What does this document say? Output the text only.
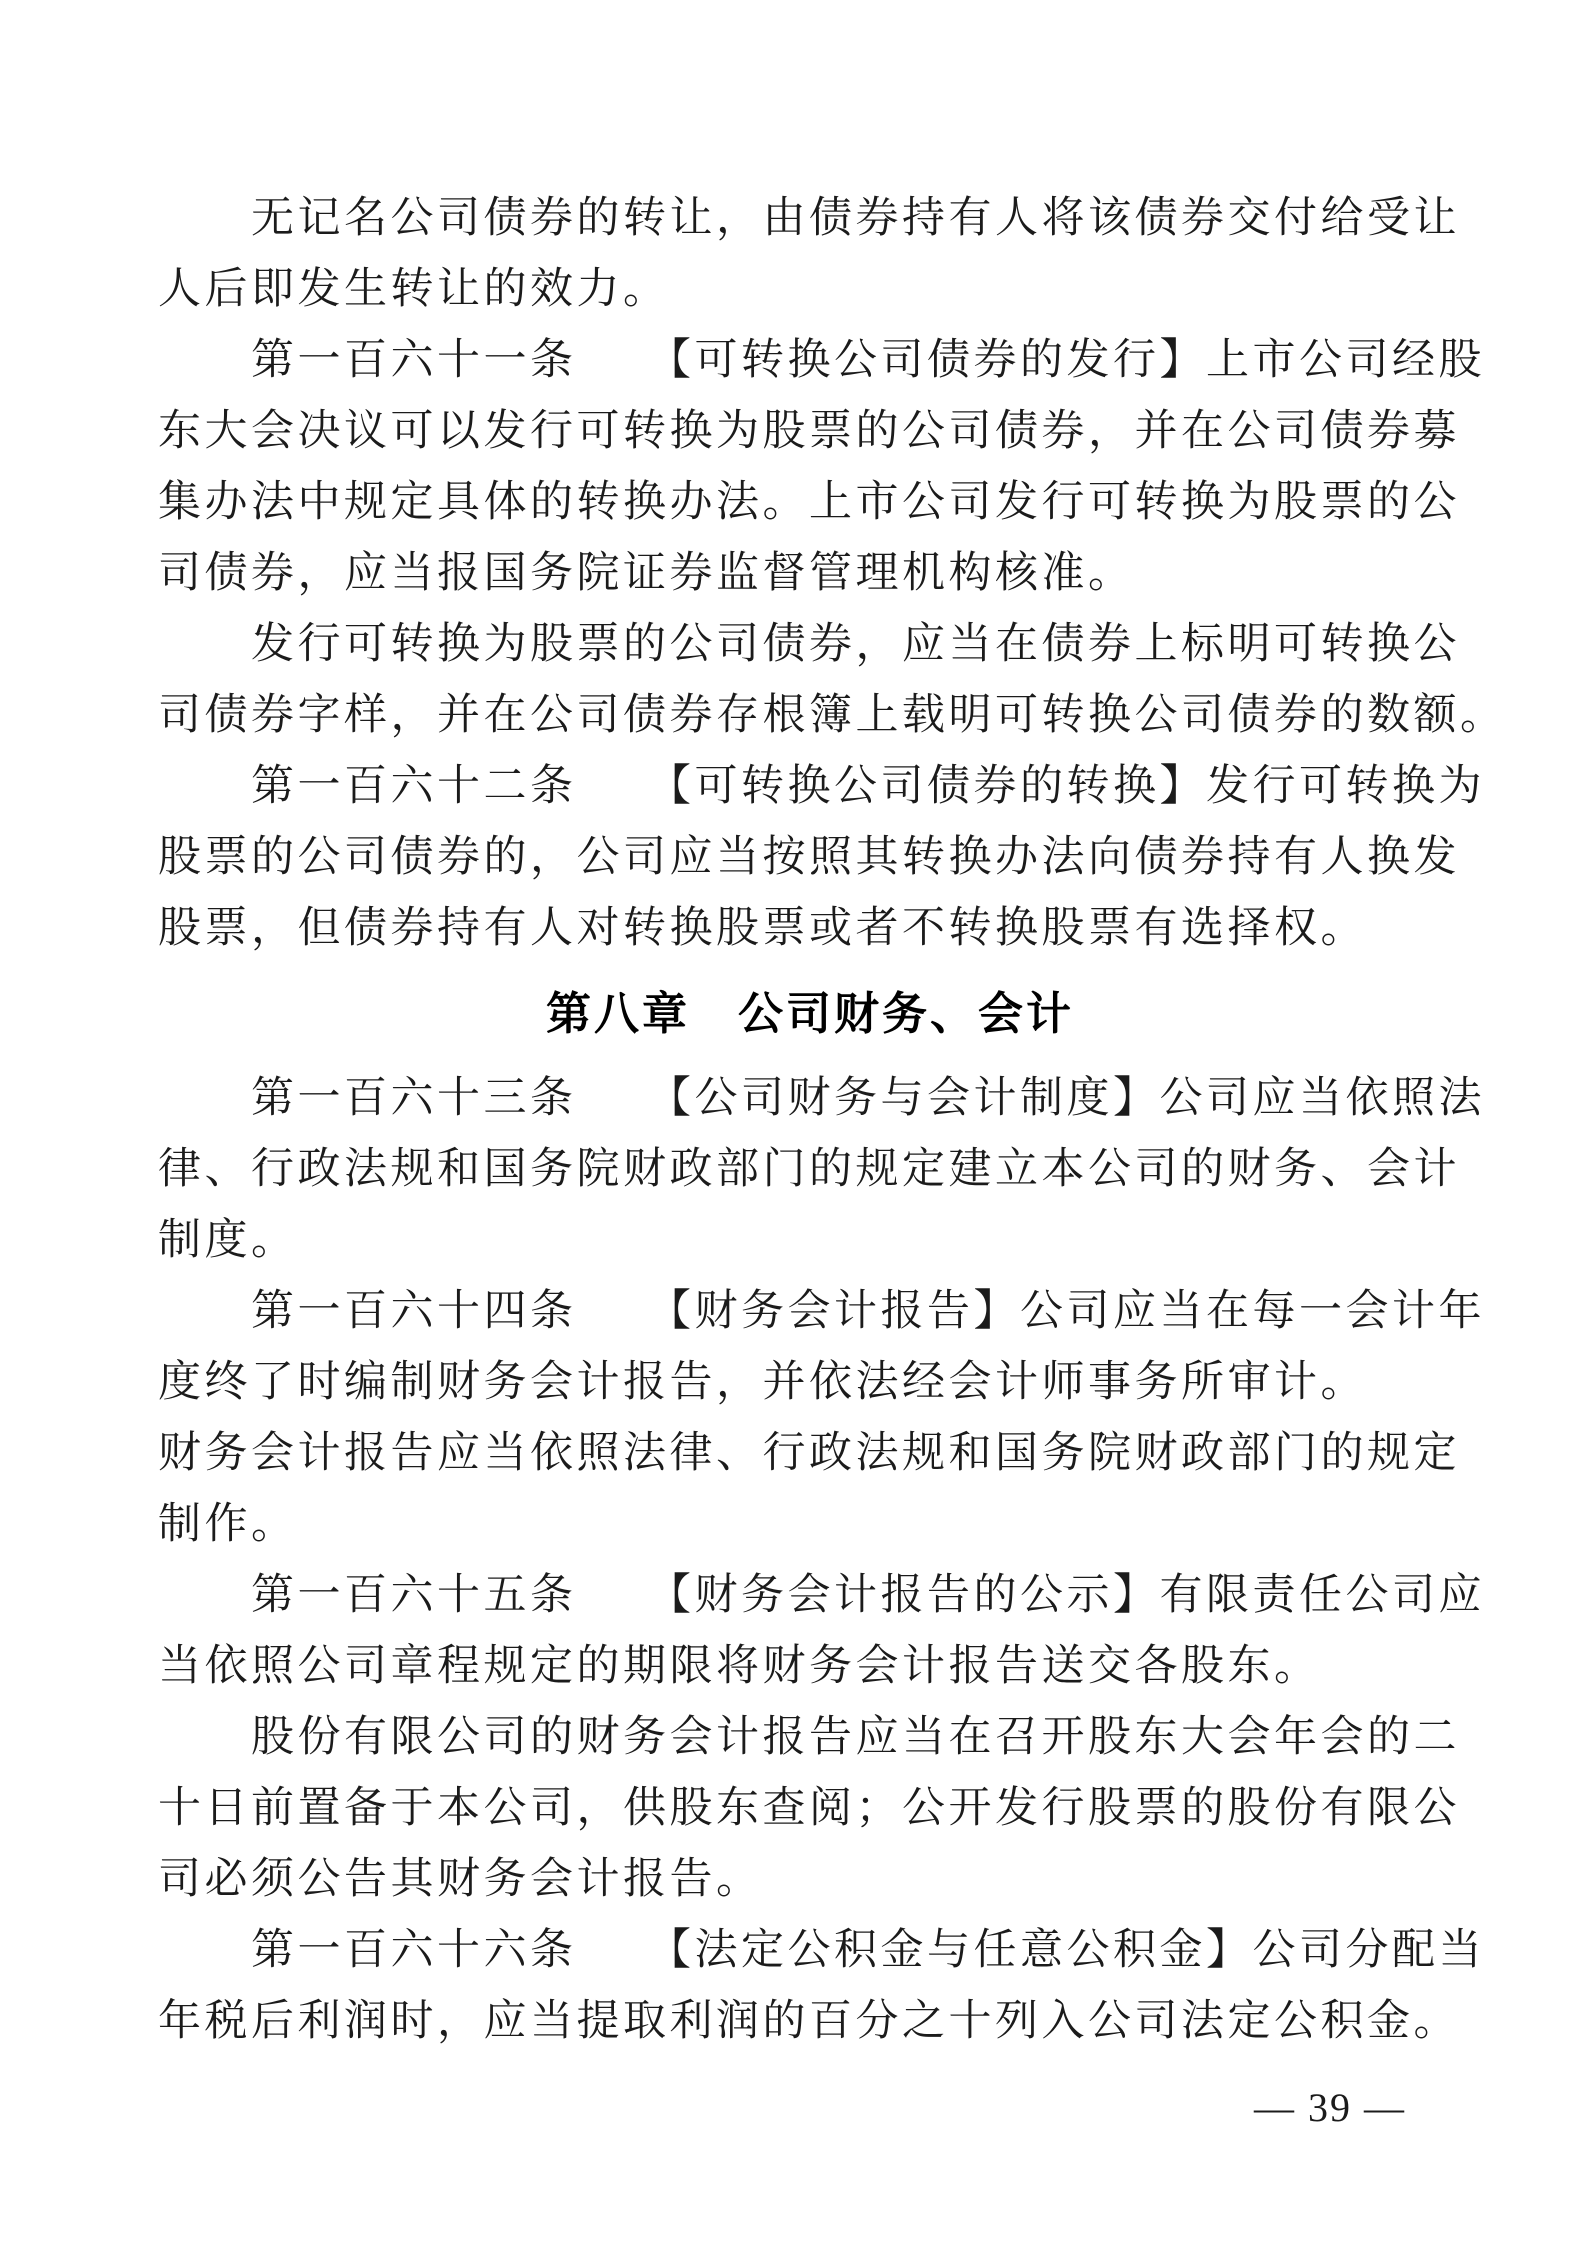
无记名公司债券的转让，由债券持有人将该债券交付给受让
人后即发生转让的效力。
第一百六十一条　　【可转换公司债券的发行】上市公司经股
东大会决议可以发行可转换为股票的公司债券，并在公司债券募
集办法中规定具体的转换办法。上市公司发行可转换为股票的公
司债券，应当报国务院证券监督管理机构核准。
发行可转换为股票的公司债券，应当在债券上标明可转换公
司债券字样，并在公司债券存根簿上载明可转换公司债券的数额。
第一百六十二条　　【可转换公司债券的转换】发行可转换为
股票的公司债券的，公司应当按照其转换办法向债券持有人换发
股票，但债券持有人对转换股票或者不转换股票有选择权。
第八章　公司财务、会计
第一百六十三条　　【公司财务与会计制度】公司应当依照法
律、行政法规和国务院财政部门的规定建立本公司的财务、会计
制度。
第一百六十四条　　【财务会计报告】公司应当在每一会计年
度终了时编制财务会计报告，并依法经会计师事务所审计。
财务会计报告应当依照法律、行政法规和国务院财政部门的规定
制作。
第一百六十五条　　【财务会计报告的公示】有限责任公司应
当依照公司章程规定的期限将财务会计报告送交各股东。
股份有限公司的财务会计报告应当在召开股东大会年会的二
十日前置备于本公司，供股东查阅；公开发行股票的股份有限公
司必须公告其财务会计报告。
第一百六十六条　　【法定公积金与任意公积金】公司分配当
年税后利润时，应当提取利润的百分之十列入公司法定公积金。
— 39 —
